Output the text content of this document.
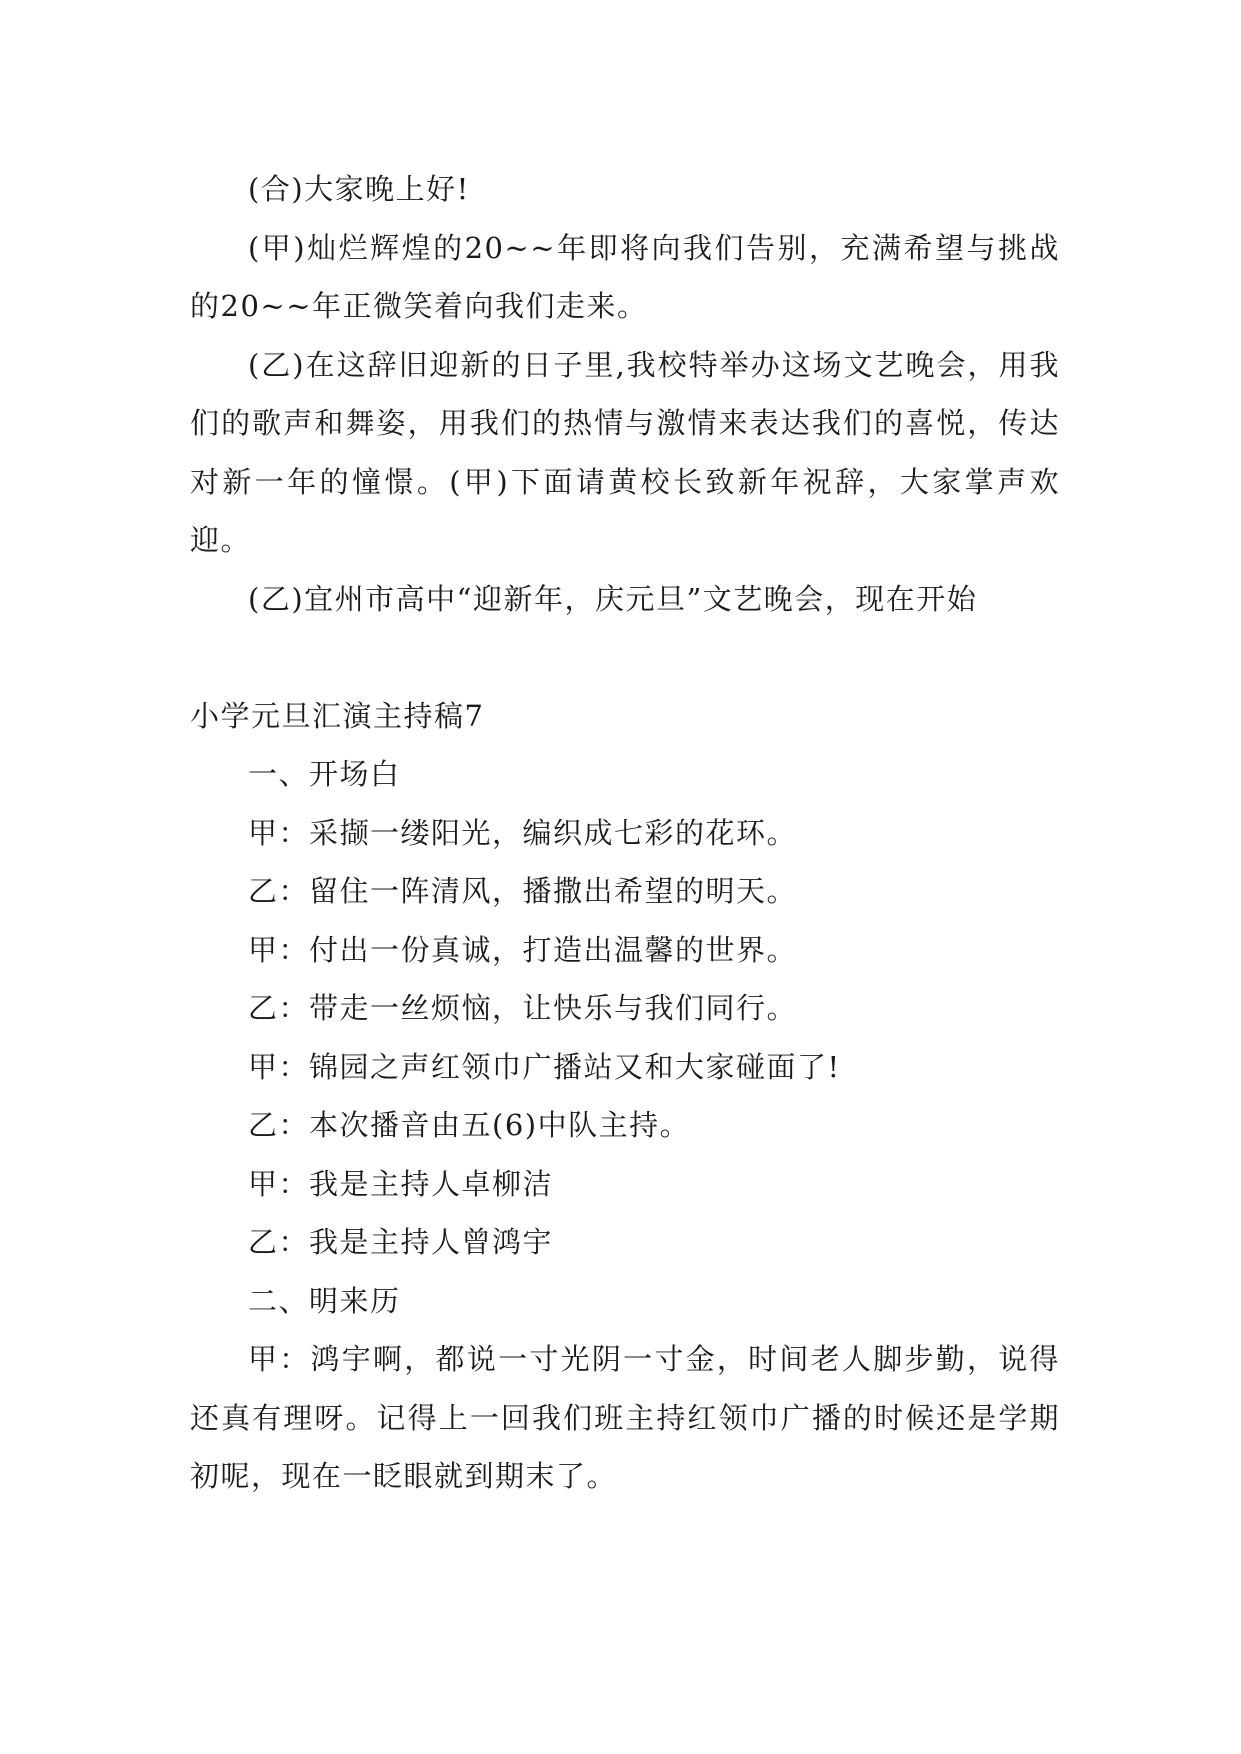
(合)大家晚上好!

(甲)灿烂辉煌的20~~年即将向我们告别，充满希望与挑战的20~~年正微笑着向我们走来。

(乙)在这辞旧迎新的日子里,我校特举办这场文艺晚会，用我们的歌声和舞姿，用我们的热情与激情来表达我们的喜悦，传达对新一年的憧憬。(甲)下面请黄校长致新年祝辞，大家掌声欢迎。

(乙)宜州市高中“迎新年，庆元旦”文艺晚会，现在开始

小学元旦汇演主持稿7

一、开场白

甲：采撷一缕阳光，编织成七彩的花环。

乙：留住一阵清风，播撒出希望的明天。

甲：付出一份真诚，打造出温馨的世界。

乙：带走一丝烦恼，让快乐与我们同行。

甲：锦园之声红领巾广播站又和大家碰面了!

乙：本次播音由五(6)中队主持。

甲：我是主持人卓柳洁

乙：我是主持人曾鸿宇

二、明来历

甲：鸿宇啊，都说一寸光阴一寸金，时间老人脚步勤，说得还真有理呀。记得上一回我们班主持红领巾广播的时候还是学期初呢，现在一眨眼就到期末了。
